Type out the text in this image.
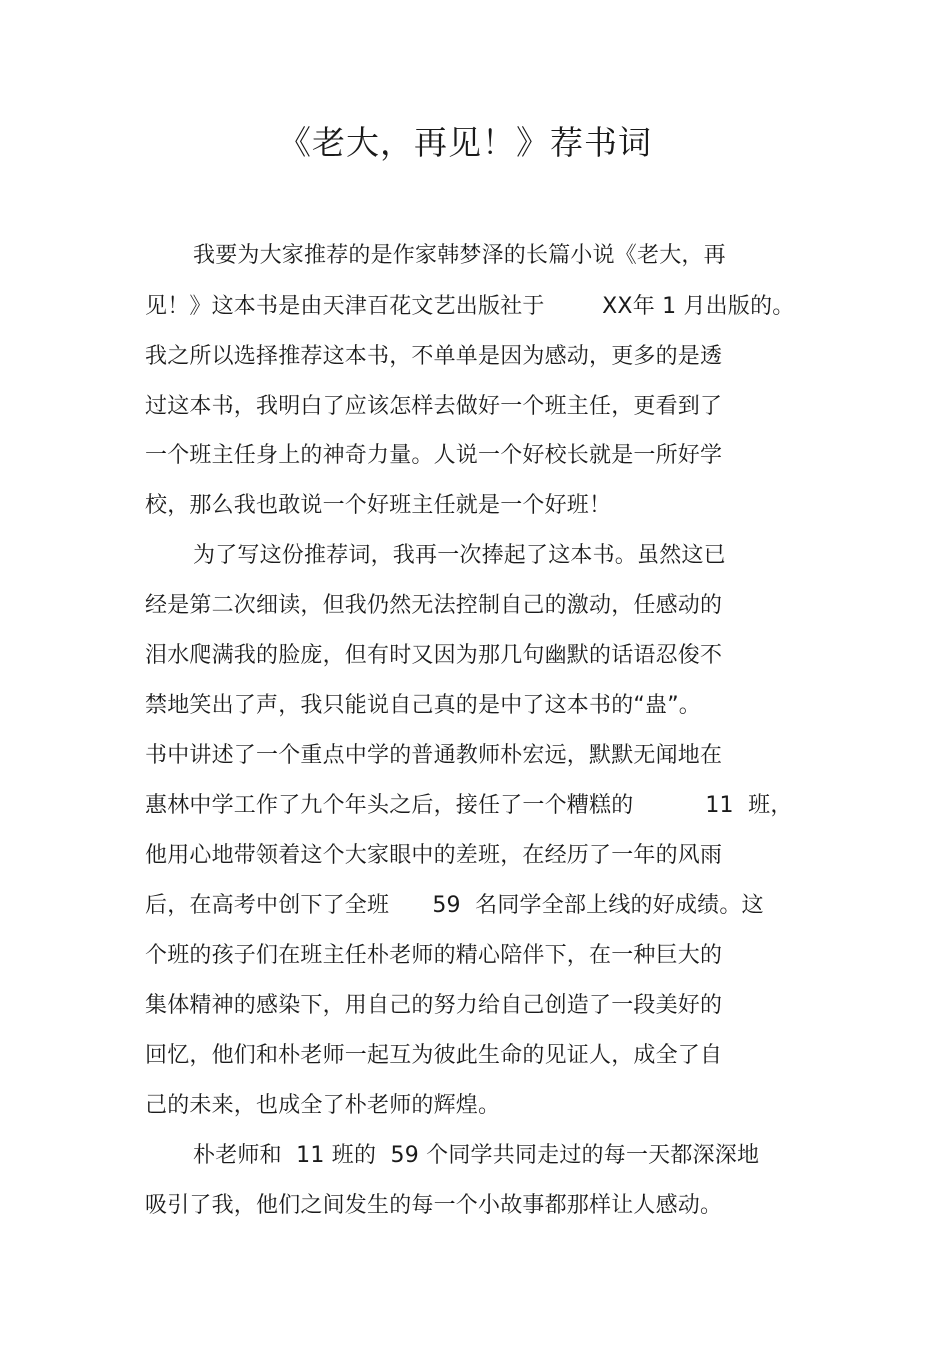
《老大，再见！》荐书词
我要为大家推荐的是作家韩梦泽的长篇小说《老大，再
见！》这本书是由天津百花文艺出版社于        XX年 1 月出版的。
我之所以选择推荐这本书，不单单是因为感动，更多的是透
过这本书，我明白了应该怎样去做好一个班主任，更看到了
一个班主任身上的神奇力量。人说一个好校长就是一所好学
校，那么我也敢说一个好班主任就是一个好班！
为了写这份推荐词，我再一次捧起了这本书。虽然这已
经是第二次细读，但我仍然无法控制自己的激动，任感动的
泪水爬满我的脸庞，但有时又因为那几句幽默的话语忍俊不
禁地笑出了声，我只能说自己真的是中了这本书的“蛊”。
书中讲述了一个重点中学的普通教师朴宏远，默默无闻地在
惠林中学工作了九个年头之后，接任了一个糟糕的          11  班，
他用心地带领着这个大家眼中的差班，在经历了一年的风雨
后，在高考中创下了全班      59  名同学全部上线的好成绩。这
个班的孩子们在班主任朴老师的精心陪伴下，在一种巨大的
集体精神的感染下，用自己的努力给自己创造了一段美好的
回忆，他们和朴老师一起互为彼此生命的见证人，成全了自
己的未来，也成全了朴老师的辉煌。
朴老师和  11 班的  59 个同学共同走过的每一天都深深地
吸引了我，他们之间发生的每一个小故事都那样让人感动。
